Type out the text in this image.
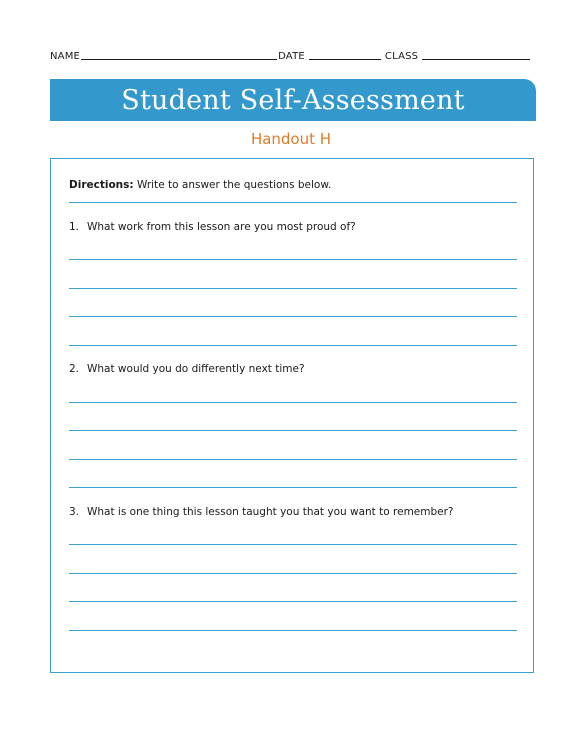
NAME	DATE	CLASS
Student Self-Assessment
Handout H
Directions: Write to answer the questions below.
1. What work from this lesson are you most proud of?
2. What would you do differently next time?
3. What is one thing this lesson taught you that you want to remember?
